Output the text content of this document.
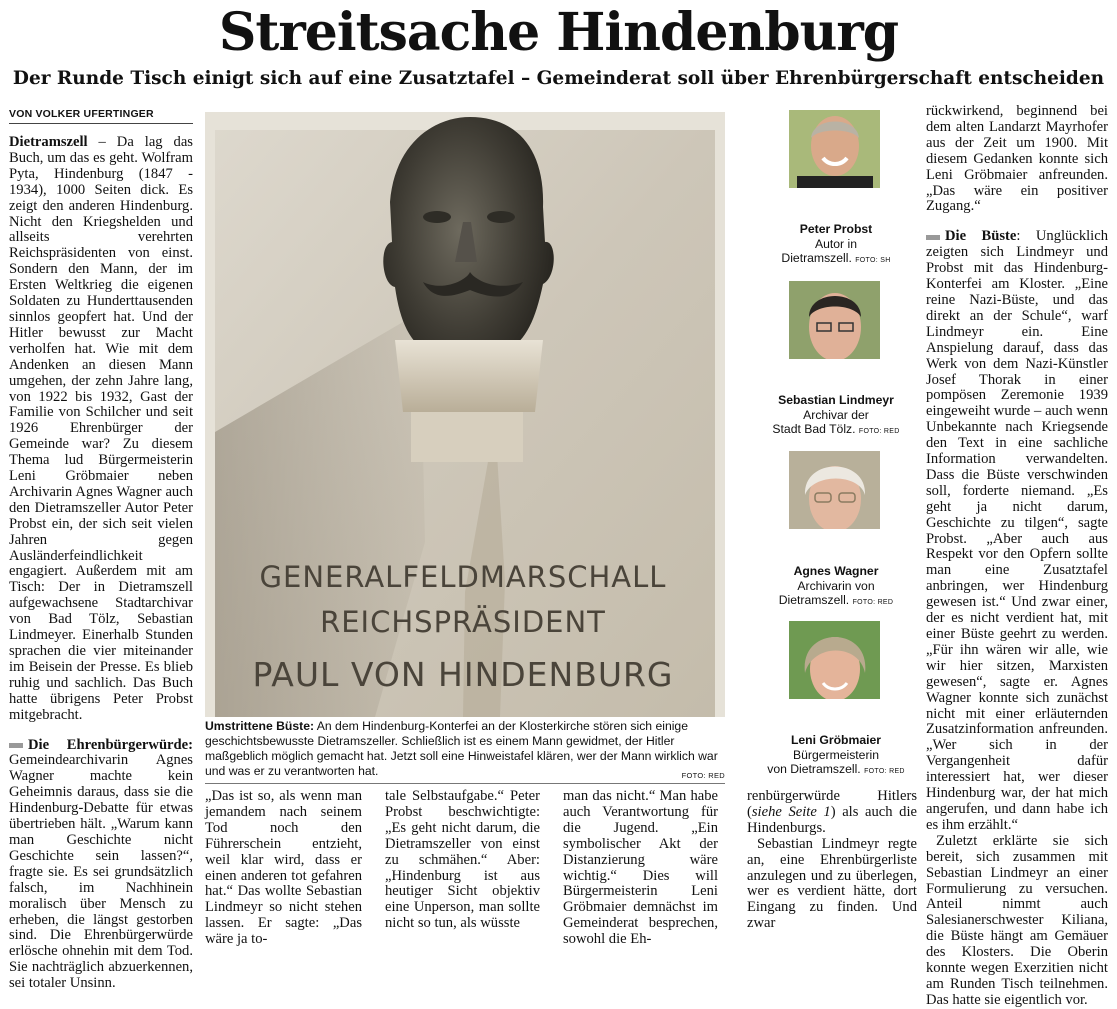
Streitsache Hindenburg
Der Runde Tisch einigt sich auf eine Zusatztafel – Gemeinderat soll über Ehrenbürgerschaft entscheiden
VON VOLKER UFERTINGER

Dietramszell – Da lag das Buch, um das es geht. Wolfram Pyta, Hindenburg (1847 - 1934), 1000 Seiten dick. Es zeigt den anderen Hindenburg. Nicht den Kriegshelden und allseits verehrten Reichspräsidenten von einst. Sondern den Mann, der im Ersten Weltkrieg die eigenen Soldaten zu Hunderttausenden sinnlos geopfert hat. Und der Hitler bewusst zur Macht verholfen hat. Wie mit dem Andenken an diesen Mann umgehen, der zehn Jahre lang, von 1922 bis 1932, Gast der Familie von Schilcher und seit 1926 Ehrenbürger der Gemeinde war? Zu diesem Thema lud Bürgermeisterin Leni Gröbmaier neben Archivarin Agnes Wagner auch den Dietramszeller Autor Peter Probst ein, der sich seit vielen Jahren gegen Ausländerfeindlichkeit engagiert. Außerdem mit am Tisch: Der in Dietramszell aufgewachsene Stadtarchivar von Bad Tölz, Sebastian Lindmeyer. Einerhalb Stunden sprachen die vier miteinander im Beisein der Presse. Es blieb ruhig und sachlich. Das Buch hatte übrigens Peter Probst mitgebracht.

Die Ehrenbürgerwürde: Gemeindearchivarin Agnes Wagner machte kein Geheimnis daraus, dass sie die Hindenburg-Debatte für etwas übertrieben hält. „Warum kann man Geschichte nicht Geschichte sein lassen?“, fragte sie. Es sei grundsätzlich falsch, im Nachhinein moralisch über Mensch zu erheben, die längst gestorben sind. Die Ehrenbürgerwürde erlösche ohnehin mit dem Tod. Sie nachträglich abzuerkennen, sei totaler Unsinn.

GENERALFELDMARSCHALL
REICHSPRÄSIDENT
PAUL VON HINDENBURG
Umstrittene Büste: An dem Hindenburg-Konterfei an der Klosterkirche stören sich einige geschichtsbewusste Dietramszeller. Schließlich ist es einem Mann gewidmet, der Hitler maßgeblich möglich gemacht hat. Jetzt soll eine Hinweistafel klären, wer der Mann wirklich war und was er zu verantworten hat.	FOTO: RED

„Das ist so, als wenn man jemandem nach seinem Tod noch den Führerschein entzieht, weil klar wird, dass er einen anderen tot gefahren hat.“ Das wollte Sebastian Lindmeyr so nicht stehen lassen. Er sagte: „Das wäre ja to-

tale Selbstaufgabe.“ Peter Probst beschwichtigte: „Es geht nicht darum, die Dietramszeller von einst zu schmähen.“ Aber: „Hindenburg ist aus heutiger Sicht objektiv eine Unperson, man sollte nicht so tun, als wüsste

man das nicht.“ Man habe auch Verantwortung für die Jugend. „Ein symbolischer Akt der Distanzierung wäre wichtig.“ Dies will Bürgermeisterin Leni Gröbmaier demnächst im Gemeinderat besprechen, sowohl die Eh-

renbürgerwürde Hitlers (siehe Seite 1) als auch die Hindenburgs.

Sebastian Lindmeyr regte an, eine Ehrenbürgerliste anzulegen und zu überlegen, wer es verdient hätte, dort Eingang zu finden. Und zwar

Peter Probst
Autor in
Dietramszell. FOTO: SH
Sebastian Lindmeyr
Archivar der
Stadt Bad Tölz. FOTO: RED
Agnes Wagner
Archivarin von
Dietramszell. FOTO: RED
Leni Gröbmaier
Bürgermeisterin
von Dietramszell. FOTO: RED

rückwirkend, beginnend bei dem alten Landarzt Mayrhofer aus der Zeit um 1900. Mit diesem Gedanken konnte sich Leni Gröbmaier anfreunden. „Das wäre ein positiver Zugang.“

Die Büste: Unglücklich zeigten sich Lindmeyr und Probst mit das Hindenburg-Konterfei am Kloster. „Eine reine Nazi-Büste, und das direkt an der Schule“, warf Lindmeyr ein. Eine Anspielung darauf, dass das Werk von dem Nazi-Künstler Josef Thorak in einer pompösen Zeremonie 1939 eingeweiht wurde – auch wenn Unbekannte nach Kriegsende den Text in eine sachliche Information verwandelten. Dass die Büste verschwinden soll, forderte niemand. „Es geht ja nicht darum, Geschichte zu tilgen“, sagte Probst. „Aber auch aus Respekt vor den Opfern sollte man eine Zusatztafel anbringen, wer Hindenburg gewesen ist.“ Und zwar einer, der es nicht verdient hat, mit einer Büste geehrt zu werden. „Für ihn wären wir alle, wie wir hier sitzen, Marxisten gewesen“, sagte er. Agnes Wagner konnte sich zunächst nicht mit einer erläuternden Zusatzinformation anfreunden. „Wer sich in der Vergangenheit dafür interessiert hat, wer dieser Hindenburg war, der hat mich angerufen, und dann habe ich es ihm erzählt.“

Zuletzt erklärte sie sich bereit, sich zusammen mit Sebastian Lindmeyr an einer Formulierung zu versuchen. Anteil nimmt auch Salesianerschwester Kiliana, die Büste hängt am Gemäuer des Klosters. Die Oberin konnte wegen Exerzitien nicht am Runden Tisch teilnehmen. Das hatte sie eigentlich vor.
